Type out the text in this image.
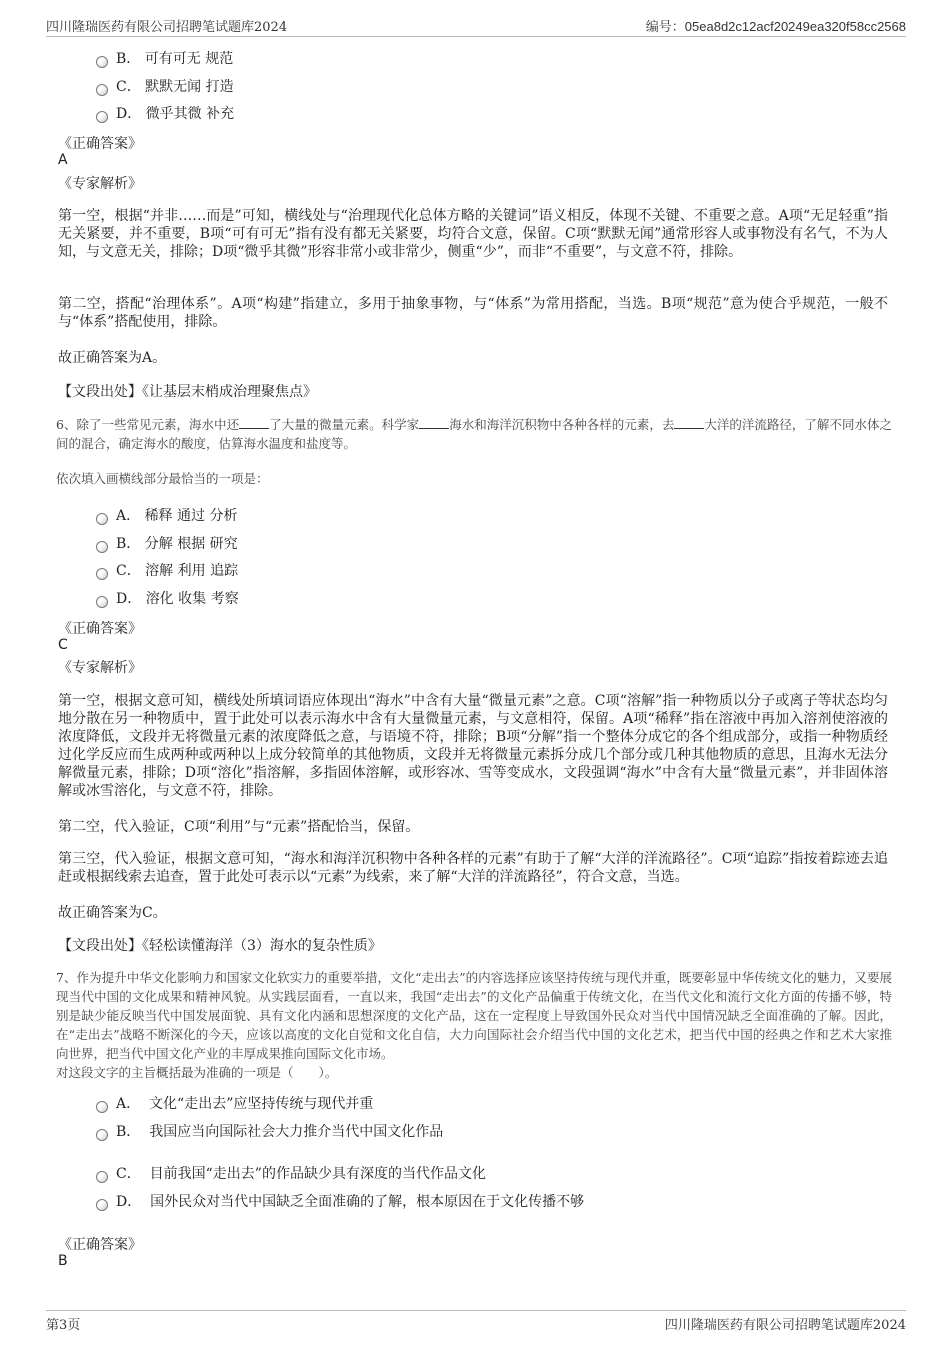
四川隆瑞医药有限公司招聘笔试题库2024	编号：05ea8d2c12acf20249ea320f58cc2568
B． 可有可无 规范
C． 默默无闻 打造
D． 微乎其微 补充
《正确答案》
A
《专家解析》
第一空，根据“并非……而是”可知，横线处与“治理现代化总体方略的关键词”语义相反，体现不关键、不重要之意。A项“无足轻重”指无关紧要，并不重要，B项“可有可无”指有没有都无关紧要，均符合文意，保留。C项“默默无闻”通常形容人或事物没有名气，不为人知，与文意无关，排除；D项“微乎其微”形容非常小或非常少，侧重“少”，而非“不重要”，与文意不符，排除。
第二空，搭配“治理体系”。A项“构建”指建立，多用于抽象事物，与“体系”为常用搭配，当选。B项“规范”意为使合乎规范，一般不与“体系”搭配使用，排除。
故正确答案为A。
【文段出处】《让基层末梢成治理聚焦点》
6、除了一些常见元素，海水中还 了大量的微量元素。科学家 海水和海洋沉积物中各种各样的元素，去 大洋的洋流路径，了解不同水体之间的混合，确定海水的酸度，估算海水温度和盐度等。
依次填入画横线部分最恰当的一项是：
A． 稀释 通过 分析
B． 分解 根据 研究
C． 溶解 利用 追踪
D． 溶化 收集 考察
《正确答案》
C
《专家解析》
第一空，根据文意可知，横线处所填词语应体现出“海水”中含有大量“微量元素”之意。C项“溶解”指一种物质以分子或离子等状态均匀地分散在另一种物质中，置于此处可以表示海水中含有大量微量元素，与文意相符，保留。A项“稀释”指在溶液中再加入溶剂使溶液的浓度降低，文段并无将微量元素的浓度降低之意，与语境不符，排除；B项“分解”指一个整体分成它的各个组成部分，或指一种物质经过化学反应而生成两种或两种以上成分较简单的其他物质，文段并无将微量元素拆分成几个部分或几种其他物质的意思，且海水无法分解微量元素，排除；D项“溶化”指溶解，多指固体溶解，或形容冰、雪等变成水，文段强调“海水”中含有大量“微量元素”，并非固体溶解或冰雪溶化，与文意不符，排除。
第二空，代入验证，C项“利用”与“元素”搭配恰当，保留。
第三空，代入验证，根据文意可知，“海水和海洋沉积物中各种各样的元素”有助于了解“大洋的洋流路径”。C项“追踪”指按着踪迹去追赶或根据线索去追查，置于此处可表示以“元素”为线索，来了解“大洋的洋流路径”，符合文意，当选。
故正确答案为C。
【文段出处】《轻松读懂海洋（3）海水的复杂性质》
7、作为提升中华文化影响力和国家文化软实力的重要举措，文化“走出去”的内容选择应该坚持传统与现代并重，既要彰显中华传统文化的魅力，又要展现当代中国的文化成果和精神风貌。从实践层面看，一直以来，我国“走出去”的文化产品偏重于传统文化，在当代文化和流行文化方面的传播不够，特别是缺少能反映当代中国发展面貌、具有文化内涵和思想深度的文化产品，这在一定程度上导致国外民众对当代中国情况缺乏全面准确的了解。因此，在“走出去”战略不断深化的今天，应该以高度的文化自觉和文化自信，大力向国际社会介绍当代中国的文化艺术，把当代中国的经典之作和艺术大家推向世界，把当代中国文化产业的丰厚成果推向国际文化市场。
对这段文字的主旨概括最为准确的一项是（　　）。
A． 文化“走出去”应坚持传统与现代并重
B． 我国应当向国际社会大力推介当代中国文化作品
C． 目前我国“走出去”的作品缺少具有深度的当代作品文化
D． 国外民众对当代中国缺乏全面准确的了解，根本原因在于文化传播不够
《正确答案》
B
第3页	四川隆瑞医药有限公司招聘笔试题库2024
